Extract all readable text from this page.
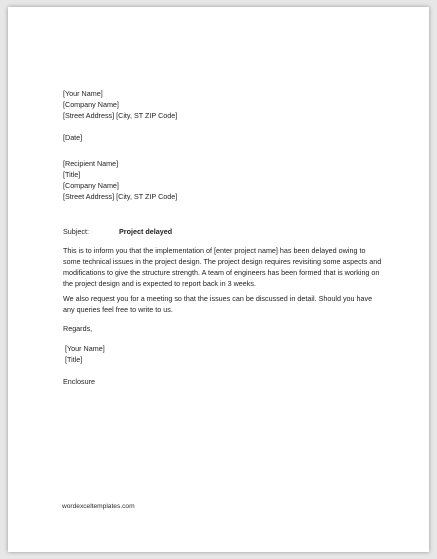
[Your Name]
[Company Name]
[Street Address] [City, ST ZIP Code]
[Date]
[Recipient Name]
[Title]
[Company Name]
[Street Address] [City, ST ZIP Code]
Subject:	Project delayed

This is to inform you that the implementation of [enter project name] has been delayed owing to some technical issues in the project design. The project design requires revisiting some aspects and modifications to give the structure strength. A team of engineers has been formed that is working on the project design and is expected to report back in 3 weeks.

We also request you for a meeting so that the issues can be discussed in detail. Should you have any queries feel free to write to us.

Regards,
[Your Name]
[Title]
Enclosure
wordexceltemplates.com
